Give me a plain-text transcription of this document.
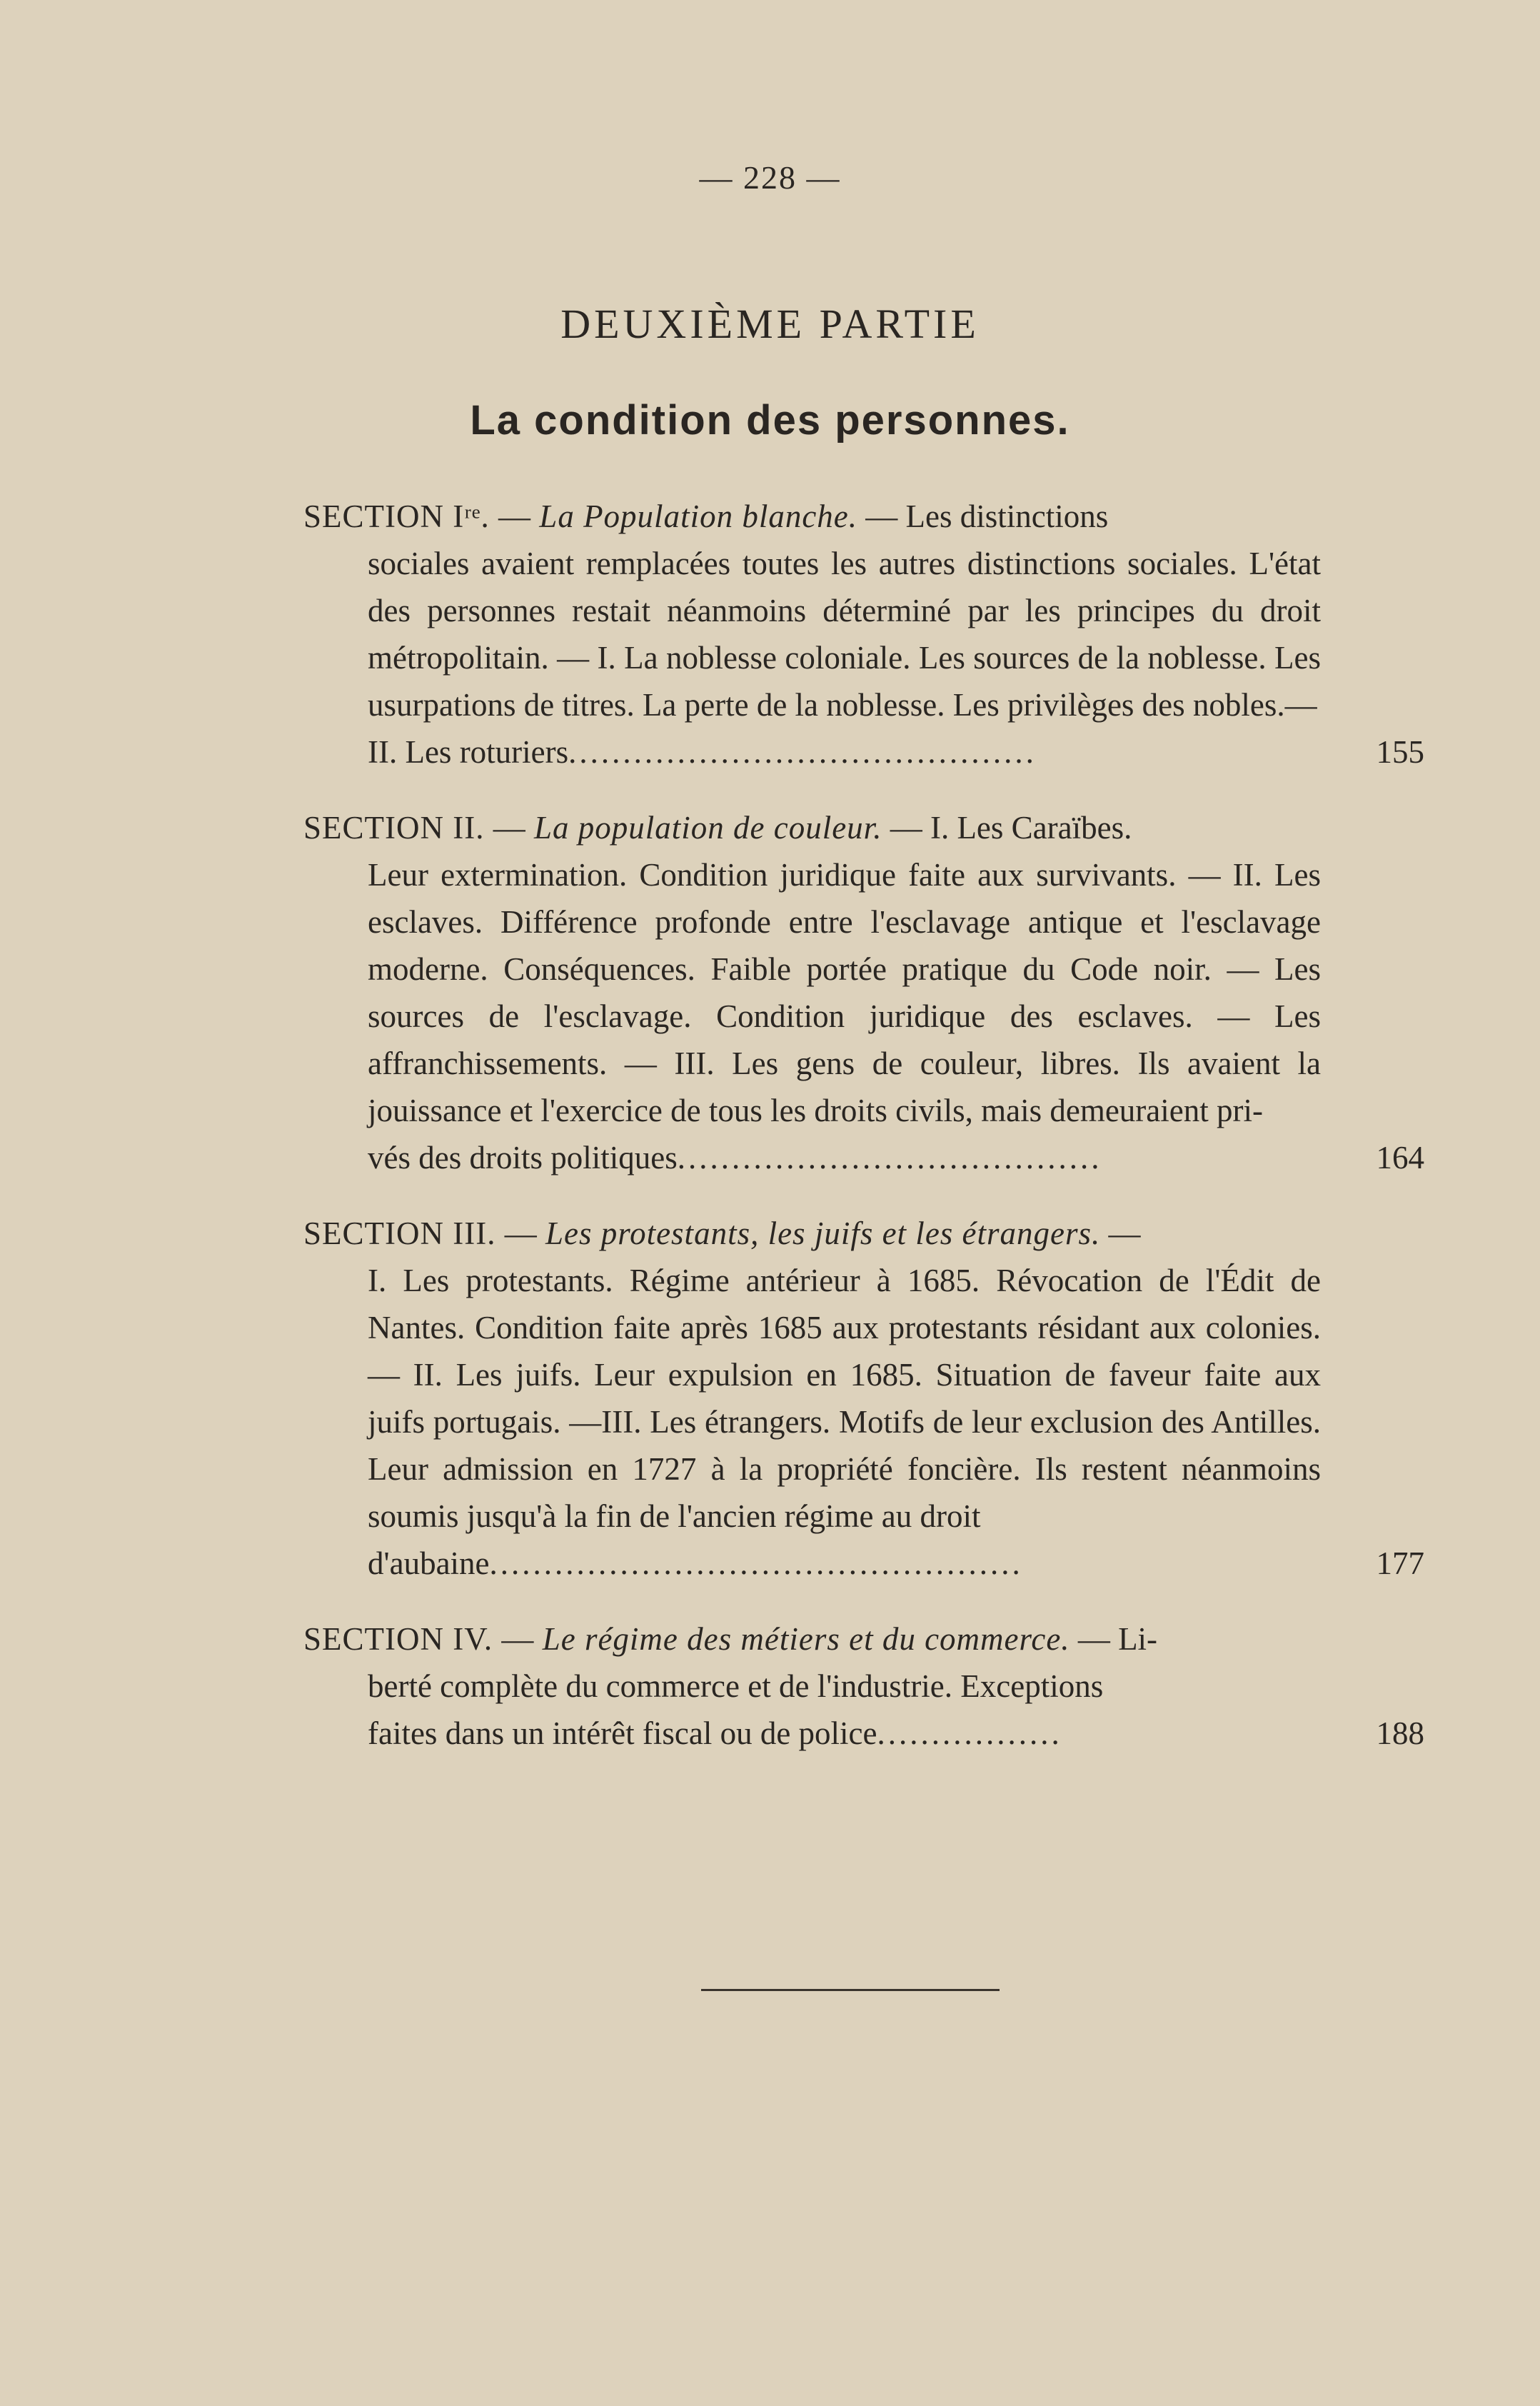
— 228 —
DEUXIÈME PARTIE
La condition des personnes.
SECTION Iʳᵉ. — La Population blanche. — Les distinctions
sociales avaient remplacées toutes les autres distinctions sociales. L'état des personnes restait néanmoins déterminé par les principes du droit métropolitain. — I. La noblesse coloniale. Les sources de la noblesse. Les usurpations de titres. La perte de la noblesse. Les privilèges des nobles.—
II. Les roturiers...........................................	155
SECTION II. — La population de couleur. — I. Les Caraïbes.
Leur extermination. Condition juridique faite aux survivants. — II. Les esclaves. Différence profonde entre l'esclavage antique et l'esclavage moderne. Conséquences. Faible portée pratique du Code noir. — Les sources de l'esclavage. Condition juridique des esclaves. — Les affranchissements. — III. Les gens de couleur, libres. Ils avaient la jouissance et l'exercice de tous les droits civils, mais demeuraient pri-
vés des droits politiques.......................................	164
SECTION III. — Les protestants, les juifs et les étrangers. —
I. Les protestants. Régime antérieur à 1685. Révocation de l'Édit de Nantes. Condition faite après 1685 aux protestants résidant aux colonies. — II. Les juifs. Leur expulsion en 1685. Situation de faveur faite aux juifs portugais. —III. Les étrangers. Motifs de leur exclusion des Antilles. Leur admission en 1727 à la propriété foncière. Ils restent néanmoins soumis jusqu'à la fin de l'ancien régime au droit
d'aubaine.................................................	177
SECTION IV. — Le régime des métiers et du commerce. — Li-
berté complète du commerce et de l'industrie. Exceptions
faites dans un intérêt fiscal ou de police.................	188
